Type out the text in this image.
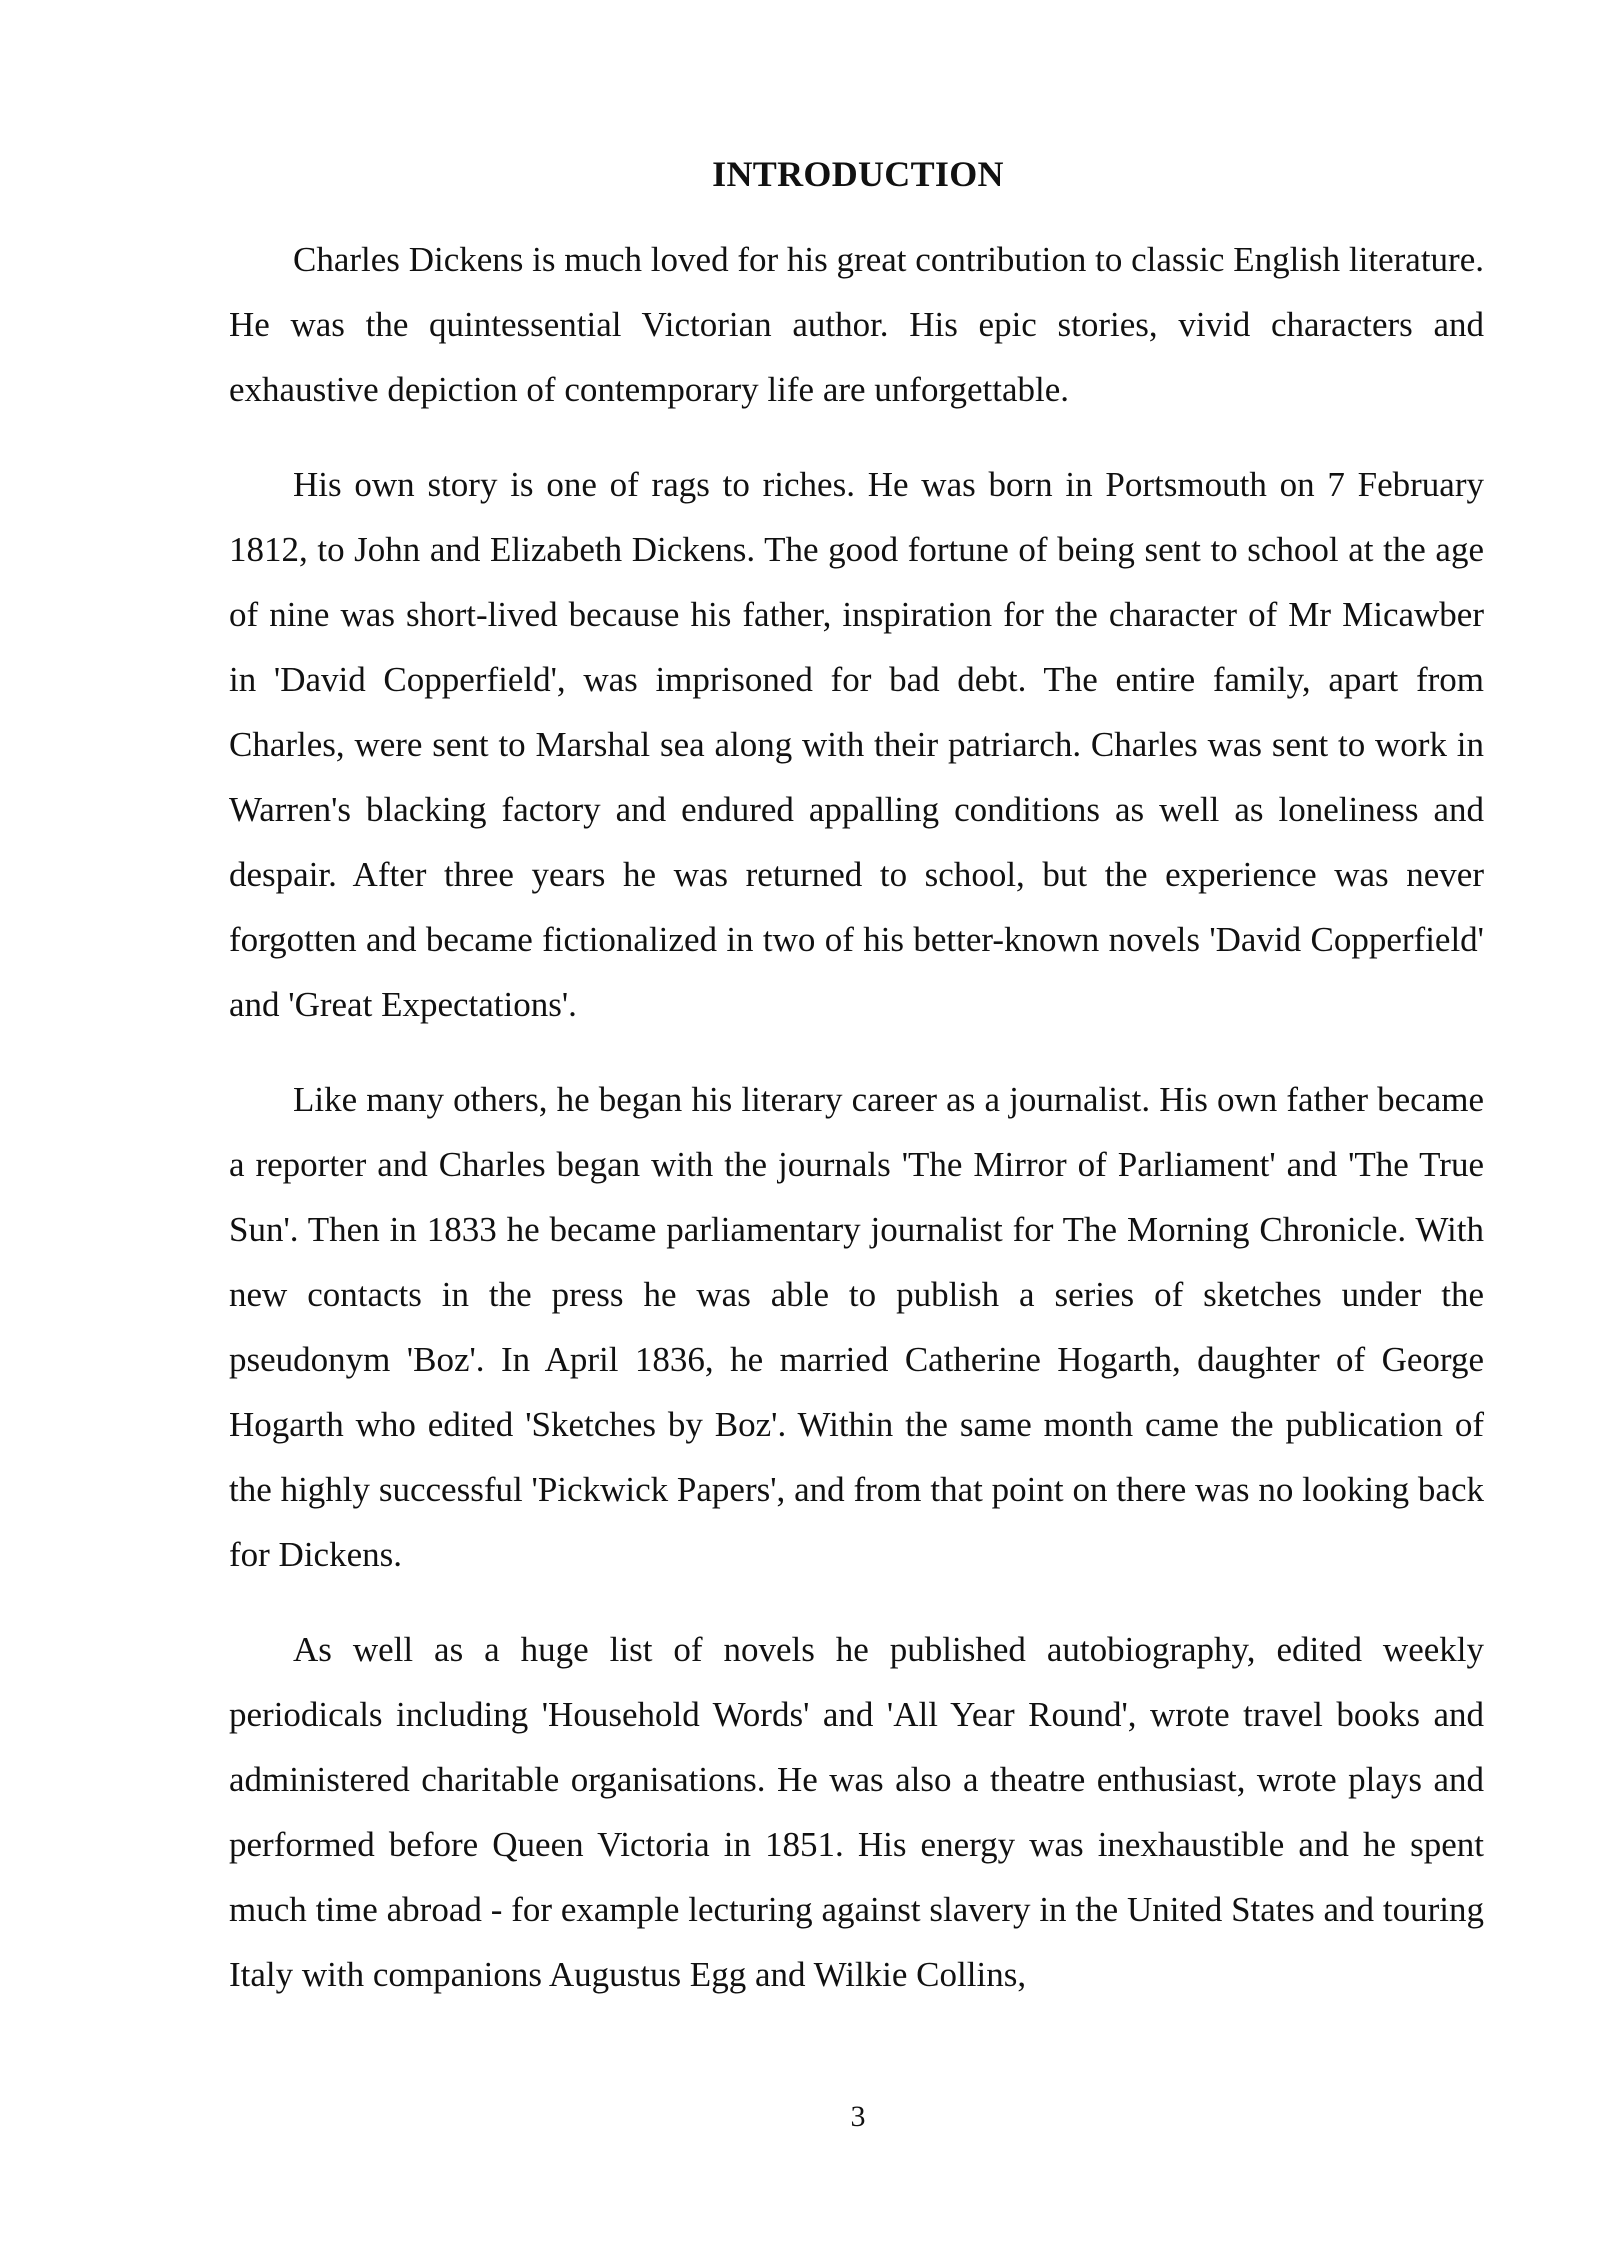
INTRODUCTION

Charles Dickens is much loved for his great contribution to classic English literature. He was the quintessential Victorian author. His epic stories, vivid characters and exhaustive depiction of contemporary life are unforgettable.

His own story is one of rags to riches. He was born in Portsmouth on 7 February 1812, to John and Elizabeth Dickens. The good fortune of being sent to school at the age of nine was short-lived because his father, inspiration for the character of Mr Micawber in 'David Copperfield', was imprisoned for bad debt. The entire family, apart from Charles, were sent to Marshal sea along with their patriarch. Charles was sent to work in Warren's blacking factory and endured appalling conditions as well as loneliness and despair. After three years he was returned to school, but the experience was never forgotten and became fictionalized in two of his better-known novels 'David Copperfield' and 'Great Expectations'.

Like many others, he began his literary career as a journalist. His own father became a reporter and Charles began with the journals 'The Mirror of Parliament' and 'The True Sun'. Then in 1833 he became parliamentary journalist for The Morning Chronicle. With new contacts in the press he was able to publish a series of sketches under the pseudonym 'Boz'. In April 1836, he married Catherine Hogarth, daughter of George Hogarth who edited 'Sketches by Boz'. Within the same month came the publication of the highly successful 'Pickwick Papers', and from that point on there was no looking back for Dickens.

As well as a huge list of novels he published autobiography, edited weekly periodicals including 'Household Words' and 'All Year Round', wrote travel books and administered charitable organisations. He was also a theatre enthusiast, wrote plays and performed before Queen Victoria in 1851. His energy was inexhaustible and he spent much time abroad - for example lecturing against slavery in the United States and touring Italy with companions Augustus Egg and Wilkie Collins,

3
